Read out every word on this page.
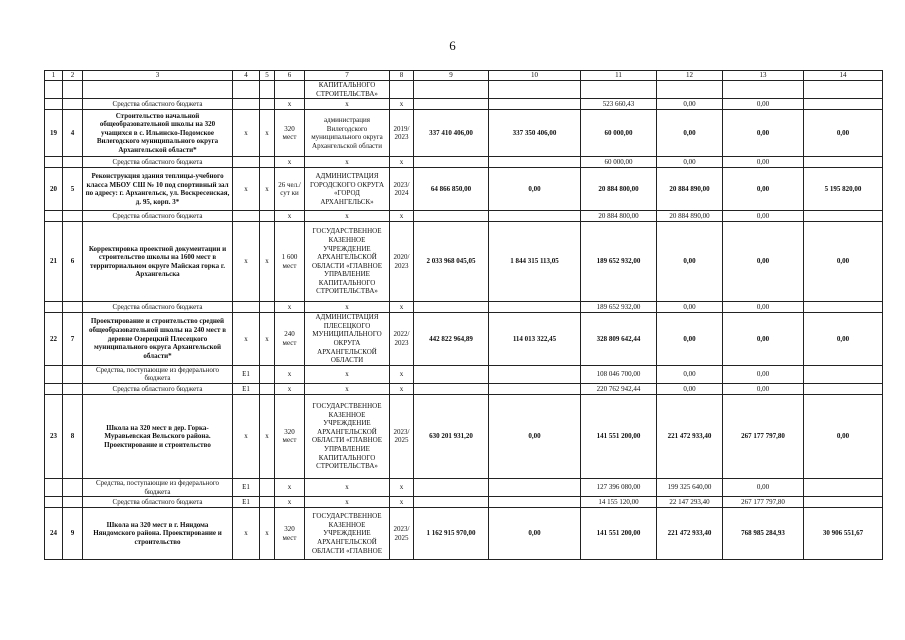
6
1	2	3	4	5	6	7	8	9	10	11	12	13	14
						КАПИТАЛЬНОГО СТРОИТЕЛЬСТВА»							
		Средства областного бюджета			х	х	х			523 660,43	0,00	0,00	
19	4	Строительство начальной общеобразовательной школы на 320 учащихся в с. Ильинско-Подомское Вилегодского муниципального округа Архангельской области*	х	х	320 мест	администрация Вилегодского муниципального округа Архангельской области	2019/ 2023	337 410 406,00	337 350 406,00	60 000,00	0,00	0,00	0,00
		Средства областного бюджета			х	х	х			60 000,00	0,00	0,00	
20	5	Реконструкция здания теплицы-учебного класса МБОУ СШ № 10 под спортивный зал по адресу: г. Архангельск, ул. Воскресенская, д. 95, корп. 3*	х	х	26 чел./сут ки	АДМИНИСТРАЦИЯ ГОРОДСКОГО ОКРУГА «ГОРОД АРХАНГЕЛЬСК»	2023/ 2024	64 866 850,00	0,00	20 884 800,00	20 884 890,00	0,00	5 195 820,00
		Средства областного бюджета			х	х	х			20 884 800,00	20 884 890,00	0,00	
21	6	Корректировка проектной документации и строительство школы на 1600 мест в территориальном округе Майская горка г. Архангельска	х	х	1 600 мест	ГОСУДАРСТВЕННОЕ КАЗЕННОЕ УЧРЕЖДЕНИЕ АРХАНГЕЛЬСКОЙ ОБЛАСТИ «ГЛАВНОЕ УПРАВЛЕНИЕ КАПИТАЛЬНОГО СТРОИТЕЛЬСТВА»	2020/ 2023	2 033 968 045,05	1 844 315 113,05	189 652 932,00	0,00	0,00	0,00
		Средства областного бюджета			х	х	х			189 652 932,00	0,00	0,00	
22	7	Проектирование и строительство средней общеобразовательной школы на 240 мест в деревне Озерецкий Плесецкого муниципального округа Архангельской области*	х	х	240 мест	АДМИНИСТРАЦИЯ ПЛЕСЕЦКОГО МУНИЦИПАЛЬНОГО ОКРУГА АРХАНГЕЛЬСКОЙ ОБЛАСТИ	2022/ 2023	442 822 964,89	114 013 322,45	328 809 642,44	0,00	0,00	0,00
		Средства, поступающие из федерального бюджета	Е1		х	х	х			108 046 700,00	0,00	0,00	
		Средства областного бюджета	Е1		х	х	х			220 762 942,44	0,00	0,00	
23	8	Школа на 320 мест в дер. Горка-Муравьевская Вельского района. Проектирование и строительство	х	х	320 мест	ГОСУДАРСТВЕННОЕ КАЗЕННОЕ УЧРЕЖДЕНИЕ АРХАНГЕЛЬСКОЙ ОБЛАСТИ «ГЛАВНОЕ УПРАВЛЕНИЕ КАПИТАЛЬНОГО СТРОИТЕЛЬСТВА»	2023/ 2025	630 201 931,20	0,00	141 551 200,00	221 472 933,40	267 177 797,80	0,00
		Средства, поступающие из федерального бюджета	Е1		х	х	х			127 396 080,00	199 325 640,00	0,00	
		Средства областного бюджета	Е1		х	х	х			14 155 120,00	22 147 293,40	267 177 797,80	
24	9	Школа на 320 мест в г. Няндома Няндомского района. Проектирование и строительство	х	х	320 мест	ГОСУДАРСТВЕННОЕ КАЗЕННОЕ УЧРЕЖДЕНИЕ АРХАНГЕЛЬСКОЙ ОБЛАСТИ «ГЛАВНОЕ	2023/ 2025	1 162 915 970,00	0,00	141 551 200,00	221 472 933,40	768 985 284,93	30 906 551,67
